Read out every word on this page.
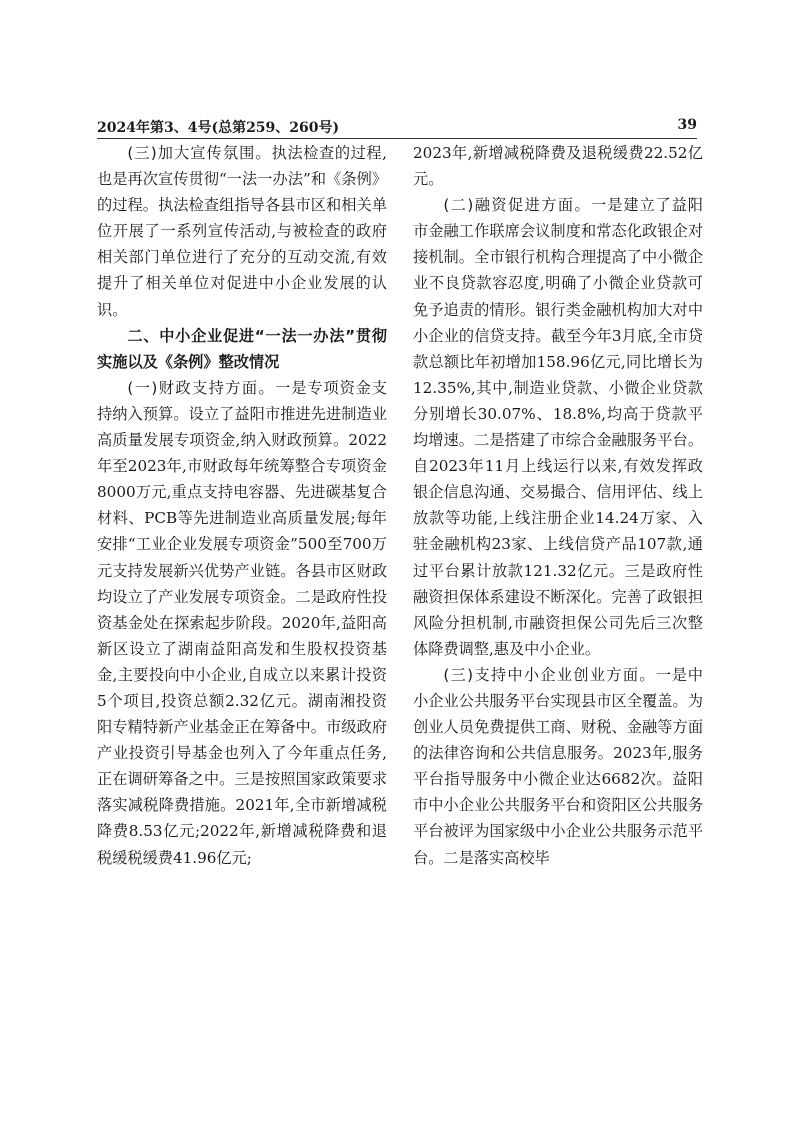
2024年第3、4号(总第259、260号)	39

(三)加大宣传氛围。执法检查的过程,也是再次宣传贯彻“一法一办法”和《条例》的过程。执法检查组指导各县市区和相关单位开展了一系列宣传活动,与被检查的政府相关部门单位进行了充分的互动交流,有效提升了相关单位对促进中小企业发展的认识。

二、中小企业促进“一法一办法”贯彻实施以及《条例》整改情况

(一)财政支持方面。一是专项资金支持纳入预算。设立了益阳市推进先进制造业高质量发展专项资金,纳入财政预算。2022年至2023年,市财政每年统筹整合专项资金8000万元,重点支持电容器、先进碳基复合材料、PCB等先进制造业高质量发展;每年安排“工业企业发展专项资金”500至700万元支持发展新兴优势产业链。各县市区财政均设立了产业发展专项资金。二是政府性投资基金处在探索起步阶段。2020年,益阳高新区设立了湖南益阳高发和生股权投资基金,主要投向中小企业,自成立以来累计投资5个项目,投资总额2.32亿元。湖南湘投资阳专精特新产业基金正在筹备中。市级政府产业投资引导基金也列入了今年重点任务,正在调研筹备之中。三是按照国家政策要求落实减税降费措施。2021年,全市新增减税降费8.53亿元;2022年,新增减税降费和退税缓税缓费41.96亿元;

2023年,新增减税降费及退税缓费22.52亿元。

(二)融资促进方面。一是建立了益阳市金融工作联席会议制度和常态化政银企对接机制。全市银行机构合理提高了中小微企业不良贷款容忍度,明确了小微企业贷款可免予追责的情形。银行类金融机构加大对中小企业的信贷支持。截至今年3月底,全市贷款总额比年初增加158.96亿元,同比增长为12.35%,其中,制造业贷款、小微企业贷款分别增长30.07%、18.8%,均高于贷款平均增速。二是搭建了市综合金融服务平台。自2023年11月上线运行以来,有效发挥政银企信息沟通、交易撮合、信用评估、线上放款等功能,上线注册企业14.24万家、入驻金融机构23家、上线信贷产品107款,通过平台累计放款121.32亿元。三是政府性融资担保体系建设不断深化。完善了政银担风险分担机制,市融资担保公司先后三次整体降费调整,惠及中小企业。

(三)支持中小企业创业方面。一是中小企业公共服务平台实现县市区全覆盖。为创业人员免费提供工商、财税、金融等方面的法律咨询和公共信息服务。2023年,服务平台指导服务中小微企业达6682次。益阳市中小企业公共服务平台和资阳区公共服务平台被评为国家级中小企业公共服务示范平台。二是落实高校毕
